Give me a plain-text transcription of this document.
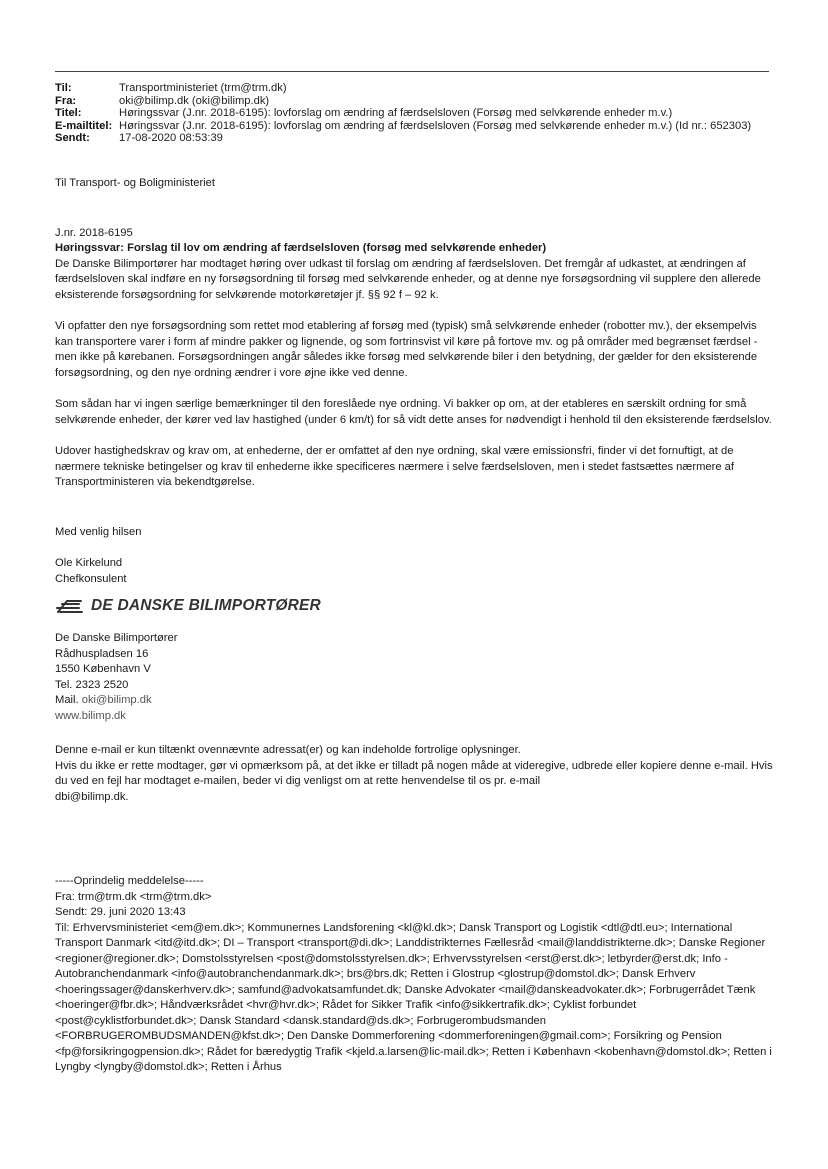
Til:	Transportministeriet (trm@trm.dk)
Fra:	oki@bilimp.dk (oki@bilimp.dk)
Titel:	Høringssvar (J.nr. 2018-6195): lovforslag om ændring af færdselsloven (Forsøg med selvkørende enheder m.v.)
E-mailtitel: Høringssvar (J.nr. 2018-6195): lovforslag om ændring af færdselsloven (Forsøg med selvkørende enheder m.v.) (Id nr.: 652303)
Sendt:	17-08-2020 08:53:39

Til Transport- og Boligministeriet

J.nr. 2018-6195

Høringssvar: Forslag til lov om ændring af færdselsloven (forsøg med selvkørende enheder)

De Danske Bilimportører har modtaget høring over udkast til forslag om ændring af færdselsloven. Det fremgår af udkastet, at ændringen af færdselsloven skal indføre en ny forsøgsordning til forsøg med selvkørende enheder, og at denne nye forsøgsordning vil supplere den allerede eksisterende forsøgsordning for selvkørende motorkøretøjer jf. §§ 92 f – 92 k.

Vi opfatter den nye forsøgsordning som rettet mod etablering af forsøg med (typisk) små selvkørende enheder (robotter mv.), der eksempelvis kan transportere varer i form af mindre pakker og lignende, og som fortrinsvist vil køre på fortove mv. og på områder med begrænset færdsel - men ikke på kørebanen. Forsøgsordningen angår således ikke forsøg med selvkørende biler i den betydning, der gælder for den eksisterende forsøgsordning, og den nye ordning ændrer i vore øjne ikke ved denne.

Som sådan har vi ingen særlige bemærkninger til den foreslåede nye ordning. Vi bakker op om, at der etableres en særskilt ordning for små selvkørende enheder, der kører ved lav hastighed (under 6 km/t) for så vidt dette anses for nødvendigt i henhold til den eksisterende færdselslov.

Udover hastighedskrav og krav om, at enhederne, der er omfattet af den nye ordning, skal være emissionsfri, finder vi det fornuftigt, at de nærmere tekniske betingelser og krav til enhederne ikke specificeres nærmere i selve færdselsloven, men i stedet fastsættes nærmere af Transportministeren via bekendtgørelse.

Med venlig hilsen

Ole Kirkelund

Chefkonsulent

DE DANSKE BILIMPORTØRER

De Danske Bilimportører

Rådhuspladsen 16

1550 København V

Tel. 2323 2520

Mail. oki@bilimp.dk

www.bilimp.dk

Denne e-mail er kun tiltænkt ovennævnte adressat(er) og kan indeholde fortrolige oplysninger.

Hvis du ikke er rette modtager, gør vi opmærksom på, at det ikke er tilladt på nogen måde at videregive, udbrede eller kopiere denne e-mail. Hvis du ved en fejl har modtaget e-mailen, beder vi dig venligst om at rette henvendelse til os pr. e-mail

dbi@bilimp.dk.

-----Oprindelig meddelelse-----

Fra: trm@trm.dk <trm@trm.dk>

Sendt: 29. juni 2020 13:43

Til: Erhvervsministeriet <em@em.dk>; Kommunernes Landsforening <kl@kl.dk>; Dansk Transport og Logistik <dtl@dtl.eu>; International Transport Danmark <itd@itd.dk>; DI – Transport <transport@di.dk>; Landdistrikternes Fællesråd <mail@landdistrikterne.dk>; Danske Regioner <regioner@regioner.dk>; Domstolsstyrelsen <post@domstolsstyrelsen.dk>; Erhvervsstyrelsen <erst@erst.dk>; letbyrder@erst.dk; Info - Autobranchendanmark <info@autobranchendanmark.dk>; brs@brs.dk; Retten i Glostrup <glostrup@domstol.dk>; Dansk Erhverv <hoeringssager@danskerhverv.dk>; samfund@advokatsamfundet.dk; Danske Advokater <mail@danskeadvokater.dk>; Forbrugerrådet Tænk <hoeringer@fbr.dk>; Håndværksrådet <hvr@hvr.dk>; Rådet for Sikker Trafik <info@sikkertrafik.dk>; Cyklist forbundet <post@cyklistforbundet.dk>; Dansk Standard <dansk.standard@ds.dk>; Forbrugerombudsmanden <FORBRUGEROMBUDSMANDEN@kfst.dk>; Den Danske Dommerforening <dommerforeningen@gmail.com>; Forsikring og Pension <fp@forsikringogpension.dk>; Rådet for bæredygtig Trafik <kjeld.a.larsen@lic-mail.dk>; Retten i København <kobenhavn@domstol.dk>; Retten i Lyngby <lyngby@domstol.dk>; Retten i Århus
